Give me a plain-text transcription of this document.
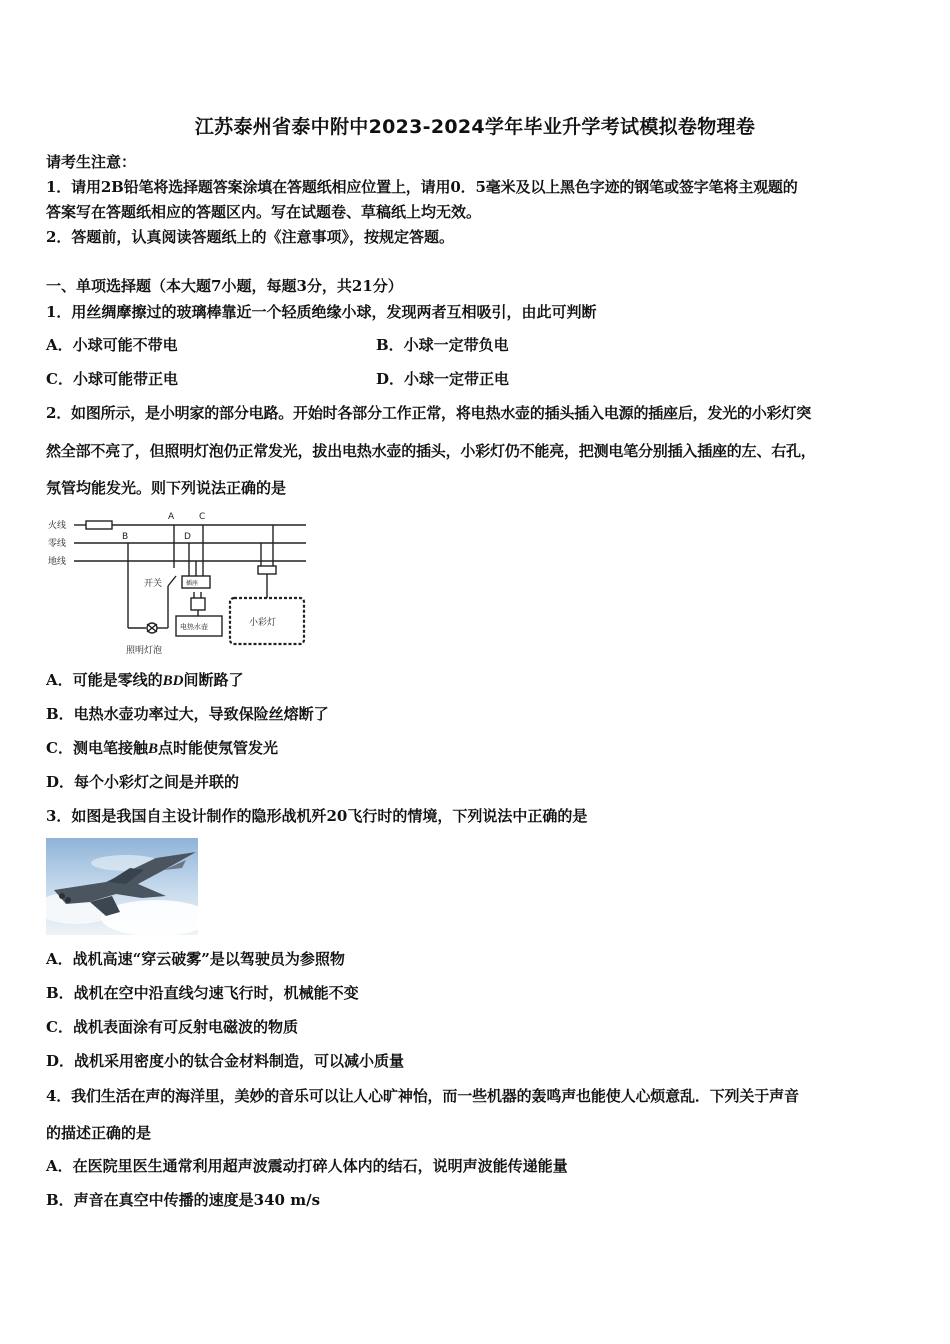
江苏泰州省泰中附中2023-2024学年毕业升学考试模拟卷物理卷
请考生注意：
1．请用2B铅笔将选择题答案涂填在答题纸相应位置上，请用0．5毫米及以上黑色字迹的钢笔或签字笔将主观题的
答案写在答题纸相应的答题区内。写在试题卷、草稿纸上均无效。
2．答题前，认真阅读答题纸上的《注意事项》，按规定答题。
一、单项选择题（本大题7小题，每题3分，共21分）
1．用丝绸摩擦过的玻璃棒靠近一个轻质绝缘小球，发现两者互相吸引，由此可判断
A．小球可能不带电	B．小球一定带负电
C．小球可能带正电	D．小球一定带正电
2．如图所示，是小明家的部分电路。开始时各部分工作正常，将电热水壶的插头插入电源的插座后，发光的小彩灯突
然全部不亮了，但照明灯泡仍正常发光，拔出电热水壶的插头，小彩灯仍不能亮，把测电笔分别插入插座的左、右孔，
氖管均能发光。则下列说法正确的是
火线
零线
地线
A	C
B	D
开关
照明灯泡
插座
电热水壶	小彩灯
A．可能是零线的BD间断路了
B．电热水壶功率过大，导致保险丝熔断了
C．测电笔接触B点时能使氖管发光
D．每个小彩灯之间是并联的
3．如图是我国自主设计制作的隐形战机歼20飞行时的情境，下列说法中正确的是
A．战机高速“穿云破雾”是以驾驶员为参照物
B．战机在空中沿直线匀速飞行时，机械能不变
C．战机表面涂有可反射电磁波的物质
D．战机采用密度小的钛合金材料制造，可以减小质量
4．我们生活在声的海洋里，美妙的音乐可以让人心旷神怡，而一些机器的轰鸣声也能使人心烦意乱．下列关于声音
的描述正确的是
A．在医院里医生通常利用超声波震动打碎人体内的结石，说明声波能传递能量
B．声音在真空中传播的速度是340 m/s
